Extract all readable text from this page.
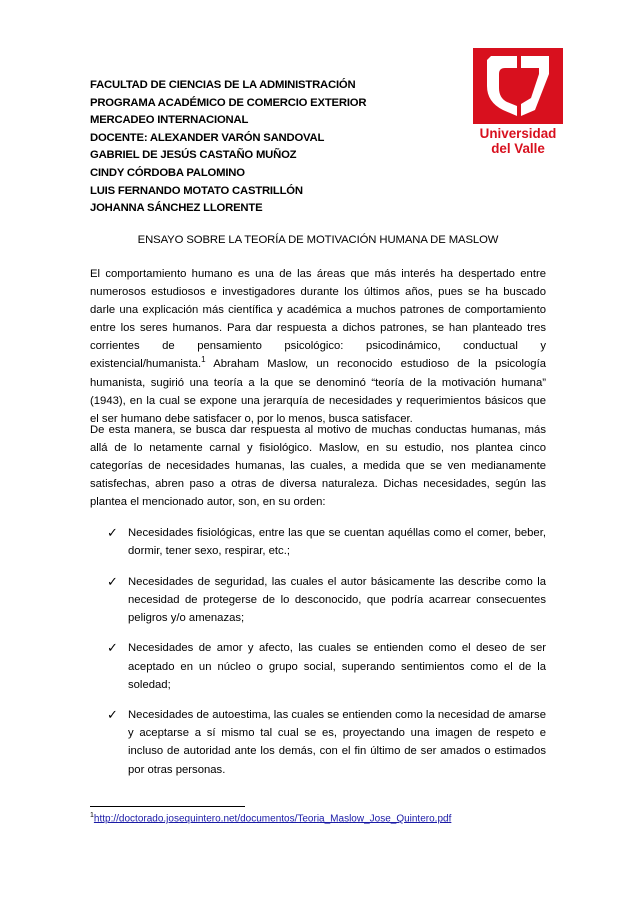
FACULTAD DE CIENCIAS DE LA ADMINISTRACIÓN
PROGRAMA ACADÉMICO DE COMERCIO EXTERIOR
MERCADEO INTERNACIONAL
DOCENTE: ALEXANDER VARÓN SANDOVAL
GABRIEL DE JESÚS CASTAÑO MUÑOZ
CINDY CÓRDOBA PALOMINO
LUIS FERNANDO MOTATO CASTRILLÓN
JOHANNA SÁNCHEZ LLORENTE
Universidad
del Valle
ENSAYO SOBRE LA TEORÍA DE MOTIVACIÓN HUMANA DE MASLOW
El comportamiento humano es una de las áreas que más interés ha despertado entre numerosos estudiosos e investigadores durante los últimos años, pues se ha buscado darle una explicación más científica y académica a muchos patrones de comportamiento entre los seres humanos. Para dar respuesta a dichos patrones, se han planteado tres corrientes de pensamiento psicológico: psicodinámico, conductual y existencial/humanista.$^1$ Abraham Maslow, un reconocido estudioso de la psicología humanista, sugirió una teoría a la que se denominó “teoría de la motivación humana” (1943), en la cual se expone una jerarquía de necesidades y requerimientos básicos que el ser humano debe satisfacer o, por lo menos, busca satisfacer.
De esta manera, se busca dar respuesta al motivo de muchas conductas humanas, más allá de lo netamente carnal y fisiológico. Maslow, en su estudio, nos plantea cinco categorías de necesidades humanas, las cuales, a medida que se ven medianamente satisfechas, abren paso a otras de diversa naturaleza. Dichas necesidades, según las plantea el mencionado autor, son, en su orden:
✓ Necesidades fisiológicas, entre las que se cuentan aquéllas como el comer, beber, dormir, tener sexo, respirar, etc.;
✓ Necesidades de seguridad, las cuales el autor básicamente las describe como la necesidad de protegerse de lo desconocido, que podría acarrear consecuentes peligros y/o amenazas;
✓ Necesidades de amor y afecto, las cuales se entienden como el deseo de ser aceptado en un núcleo o grupo social, superando sentimientos como el de la soledad;
✓ Necesidades de autoestima, las cuales se entienden como la necesidad de amarse y aceptarse a sí mismo tal cual se es, proyectando una imagen de respeto e incluso de autoridad ante los demás, con el fin último de ser amados o estimados por otras personas.
$^1$http://doctorado.josequintero.net/documentos/Teoria_Maslow_Jose_Quintero.pdf
